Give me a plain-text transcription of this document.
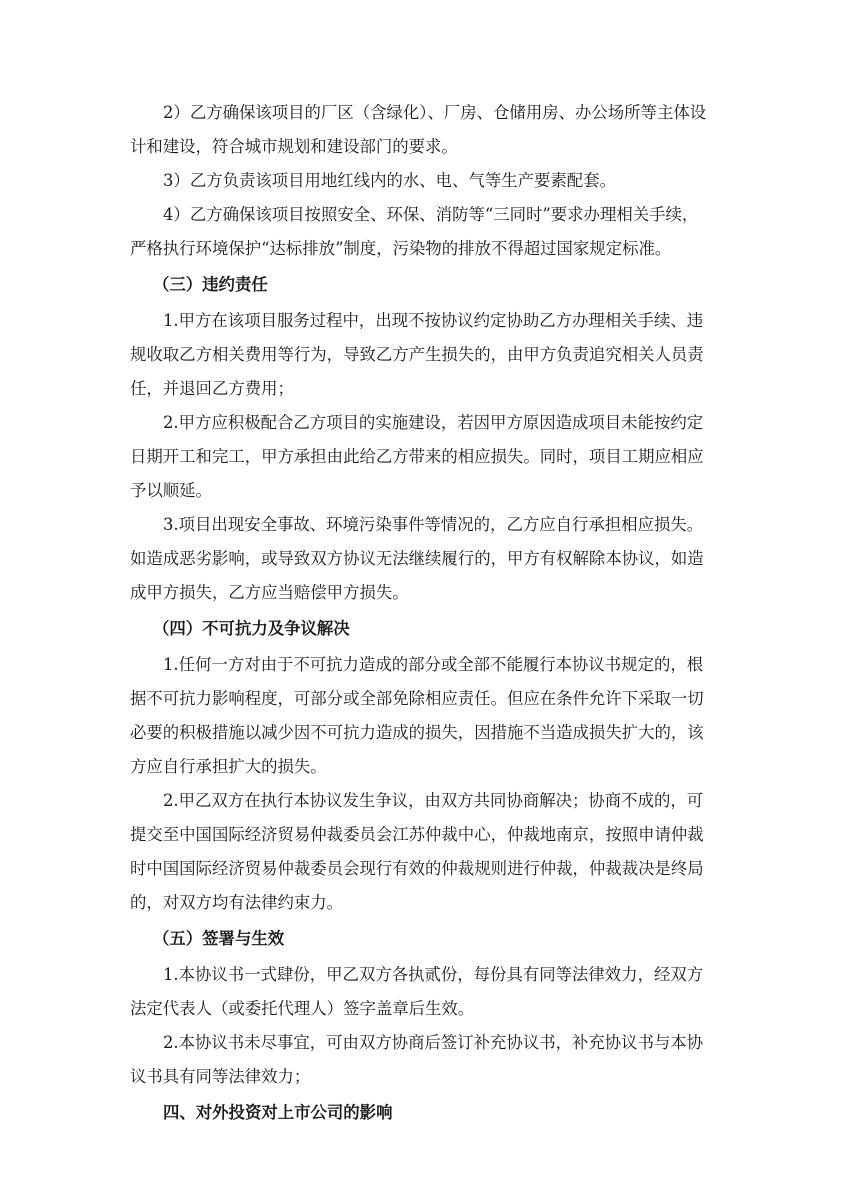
2）乙方确保该项目的厂区（含绿化）、厂房、仓储用房、办公场所等主体设

计和建设，符合城市规划和建设部门的要求。

3）乙方负责该项目用地红线内的水、电、气等生产要素配套。

4）乙方确保该项目按照安全、环保、消防等“三同时”要求办理相关手续，

严格执行环境保护“达标排放”制度，污染物的排放不得超过国家规定标准。

（三）违约责任

1.甲方在该项目服务过程中，出现不按协议约定协助乙方办理相关手续、违

规收取乙方相关费用等行为，导致乙方产生损失的，由甲方负责追究相关人员责

任，并退回乙方费用；

2.甲方应积极配合乙方项目的实施建设，若因甲方原因造成项目未能按约定

日期开工和完工，甲方承担由此给乙方带来的相应损失。同时，项目工期应相应

予以顺延。

3.项目出现安全事故、环境污染事件等情况的，乙方应自行承担相应损失。

如造成恶劣影响，或导致双方协议无法继续履行的，甲方有权解除本协议，如造

成甲方损失，乙方应当赔偿甲方损失。

（四）不可抗力及争议解决

1.任何一方对由于不可抗力造成的部分或全部不能履行本协议书规定的，根

据不可抗力影响程度，可部分或全部免除相应责任。但应在条件允许下采取一切

必要的积极措施以减少因不可抗力造成的损失，因措施不当造成损失扩大的，该

方应自行承担扩大的损失。

2.甲乙双方在执行本协议发生争议，由双方共同协商解决；协商不成的，可

提交至中国国际经济贸易仲裁委员会江苏仲裁中心，仲裁地南京，按照申请仲裁

时中国国际经济贸易仲裁委员会现行有效的仲裁规则进行仲裁，仲裁裁决是终局

的，对双方均有法律约束力。

（五）签署与生效

1.本协议书一式肆份，甲乙双方各执贰份，每份具有同等法律效力，经双方

法定代表人（或委托代理人）签字盖章后生效。

2.本协议书未尽事宜，可由双方协商后签订补充协议书，补充协议书与本协

议书具有同等法律效力；

四、对外投资对上市公司的影响
